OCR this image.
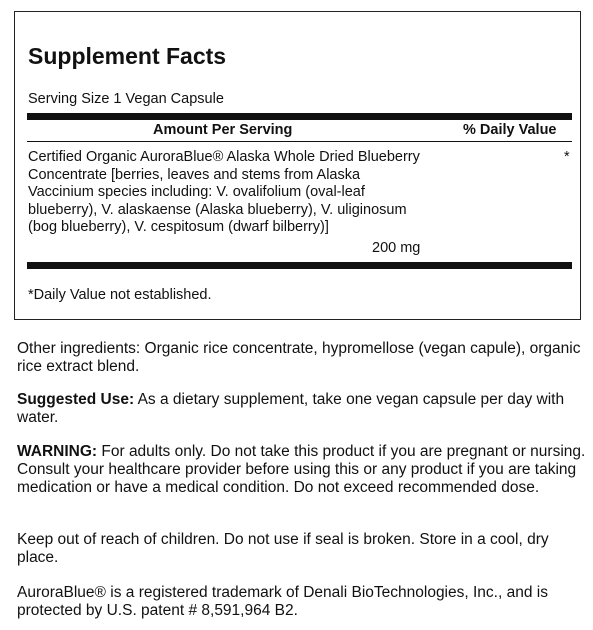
Supplement Facts
Serving Size 1 Vegan Capsule
Amount Per Serving	% Daily Value
Certified Organic AuroraBlue® Alaska Whole Dried Blueberry Concentrate [berries, leaves and stems from Alaska Vaccinium species including: V. ovalifolium (oval-leaf blueberry), V. alaskaense (Alaska blueberry), V. uliginosum (bog blueberry), V. cespitosum (dwarf bilberry)]
*
200 mg
*Daily Value not established.
Other ingredients: Organic rice concentrate, hypromellose (vegan capule), organic rice extract blend.
Suggested Use: As a dietary supplement, take one vegan capsule per day with water.
WARNING: For adults only. Do not take this product if you are pregnant or nursing. Consult your healthcare provider before using this or any product if you are taking medication or have a medical condition. Do not exceed recommended dose.
Keep out of reach of children. Do not use if seal is broken. Store in a cool, dry place.
AuroraBlue® is a registered trademark of Denali BioTechnologies, Inc., and is protected by U.S. patent # 8,591,964 B2.
